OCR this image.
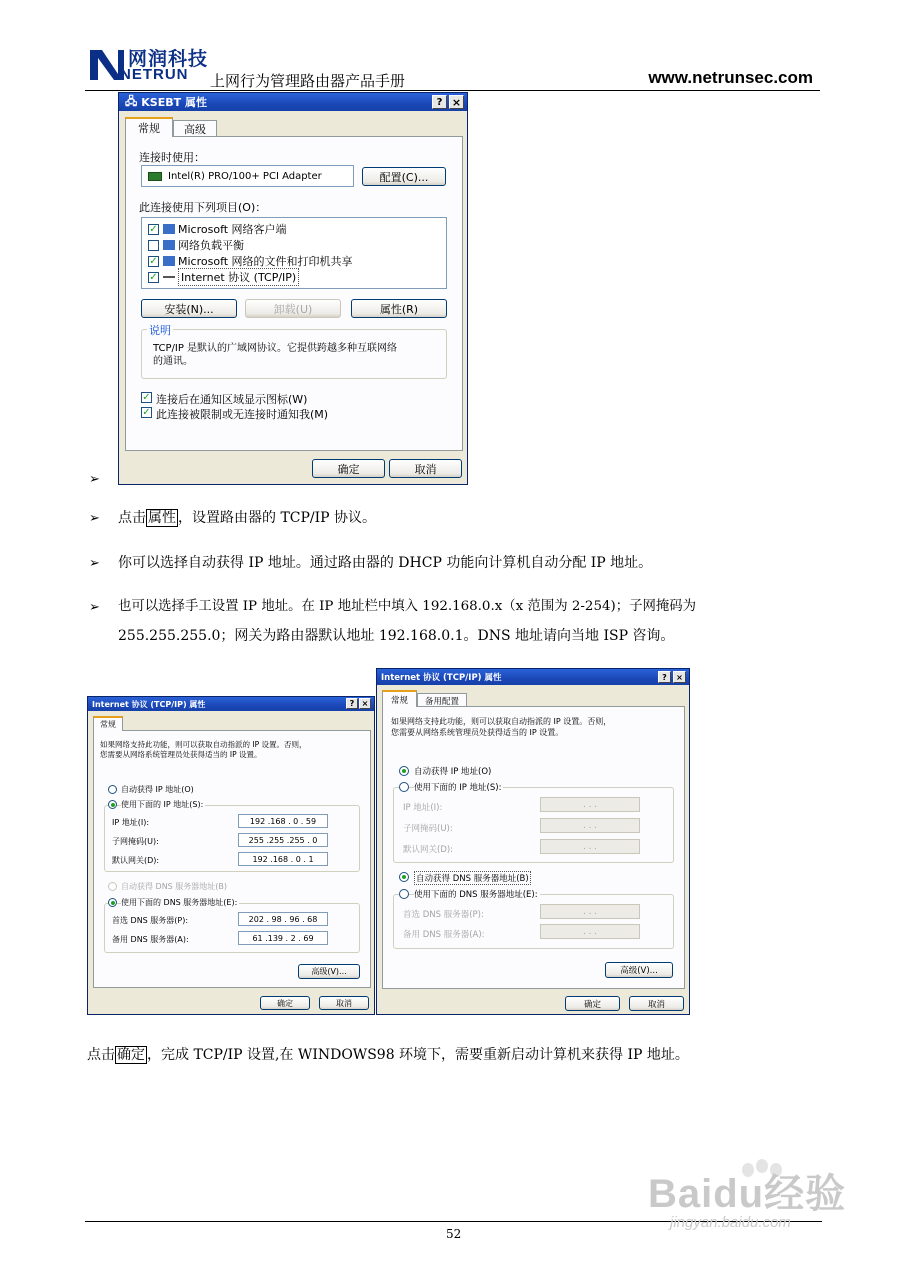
网润科技
NETRUN 上网行为管理路由器产品手册	www.netrunsec.com
🖧 KSEBT 属性	? ×
常规	高级
连接时使用：
Intel(R) PRO/100+ PCI Adapter	配置(C)...
此连接使用下列项目(O)：
✓ Microsoft 网络客户端
网络负载平衡
✓ Microsoft 网络的文件和打印机共享
✓ Internet 协议 (TCP/IP)
安装(N)...	卸载(U)	属性(R)
说明
TCP/IP 是默认的广域网协议。它提供跨越多种互联网络
的通讯。
✓ 连接后在通知区域显示图标(W)
✓ 此连接被限制或无连接时通知我(M)
确定	取消
➢
➢ 点击 属性 ，设置路由器的 TCP/IP 协议。
➢ 你可以选择自动获得 IP 地址。通过路由器的 DHCP 功能向计算机自动分配 IP 地址。
➢ 也可以选择手工设置 IP 地址。在 IP 地址栏中填入 192.168.0.x（x 范围为 2-254)；子网掩码为
255.255.255.0；网关为路由器默认地址 192.168.0.1。DNS 地址请向当地 ISP 咨询。
Internet 协议 (TCP/IP) 属性	? ×
常规
如果网络支持此功能，则可以获取自动指派的 IP 设置。否则，
您需要从网络系统管理员处获得适当的 IP 设置。
自动获得 IP 地址(O)
使用下面的 IP 地址(S):
IP 地址(I):	192 .168 . 0 . 59
子网掩码(U):	255 .255 .255 . 0
默认网关(D):	192 .168 . 0 . 1
自动获得 DNS 服务器地址(B)
使用下面的 DNS 服务器地址(E):
首选 DNS 服务器(P):	202 . 98 . 96 . 68
备用 DNS 服务器(A):	61 .139 . 2 . 69
高级(V)...
确定	取消
Internet 协议 (TCP/IP) 属性	?	×
常规	备用配置
如果网络支持此功能，则可以获取自动指派的 IP 设置。否则，
您需要从网络系统管理员处获得适当的 IP 设置。
自动获得 IP 地址(O)
使用下面的 IP 地址(S):
IP 地址(I):	. . .
子网掩码(U):	. . .
默认网关(D):	. . .
自动获得 DNS 服务器地址(B)
使用下面的 DNS 服务器地址(E):
首选 DNS 服务器(P):	. . .
备用 DNS 服务器(A):	. . .
高级(V)...
确定	取消
点击 确定 ，完成 TCP/IP 设置,在 WINDOWS98 环境下，需要重新启动计算机来获得 IP 地址。
52
Baidu经验
jingyan.baidu.com
